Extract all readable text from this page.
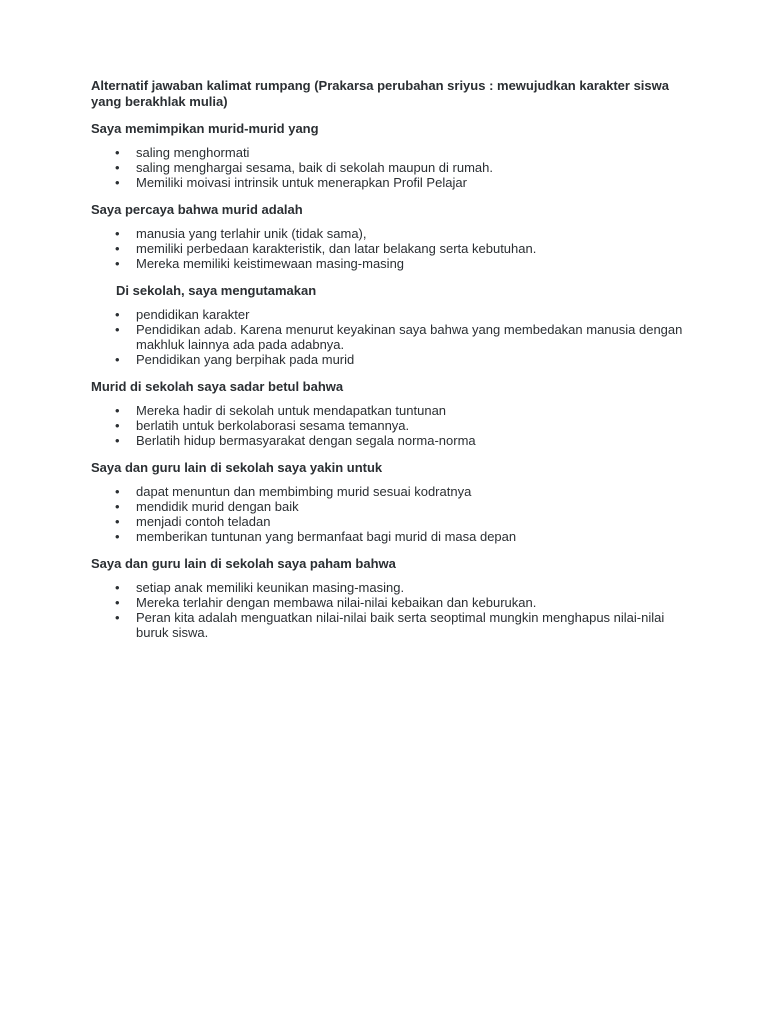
Alternatif jawaban kalimat rumpang (Prakarsa perubahan sriyus : mewujudkan karakter siswa yang berakhlak mulia)

Saya memimpikan murid-murid yang

• saling menghormati
• saling menghargai sesama, baik di sekolah maupun di rumah.
• Memiliki moivasi intrinsik untuk menerapkan Profil Pelajar

Saya percaya bahwa murid adalah

• manusia yang terlahir unik (tidak sama),
• memiliki perbedaan karakteristik, dan latar belakang serta kebutuhan.
• Mereka memiliki keistimewaan masing-masing

Di sekolah, saya mengutamakan

• pendidikan karakter
• Pendidikan adab. Karena menurut keyakinan saya bahwa yang membedakan manusia dengan makhluk lainnya ada pada adabnya.
• Pendidikan yang berpihak pada murid

Murid di sekolah saya sadar betul bahwa

• Mereka hadir di sekolah untuk mendapatkan tuntunan
• berlatih untuk berkolaborasi sesama temannya.
• Berlatih hidup bermasyarakat dengan segala norma-norma

Saya dan guru lain di sekolah saya yakin untuk

• dapat menuntun dan membimbing murid sesuai kodratnya
• mendidik murid dengan baik
• menjadi contoh teladan
• memberikan tuntunan yang bermanfaat bagi murid di masa depan

Saya dan guru lain di sekolah saya paham bahwa

• setiap anak memiliki keunikan masing-masing.
• Mereka terlahir dengan membawa nilai-nilai kebaikan dan keburukan.
• Peran kita adalah menguatkan nilai-nilai baik serta seoptimal mungkin menghapus nilai-nilai buruk siswa.
